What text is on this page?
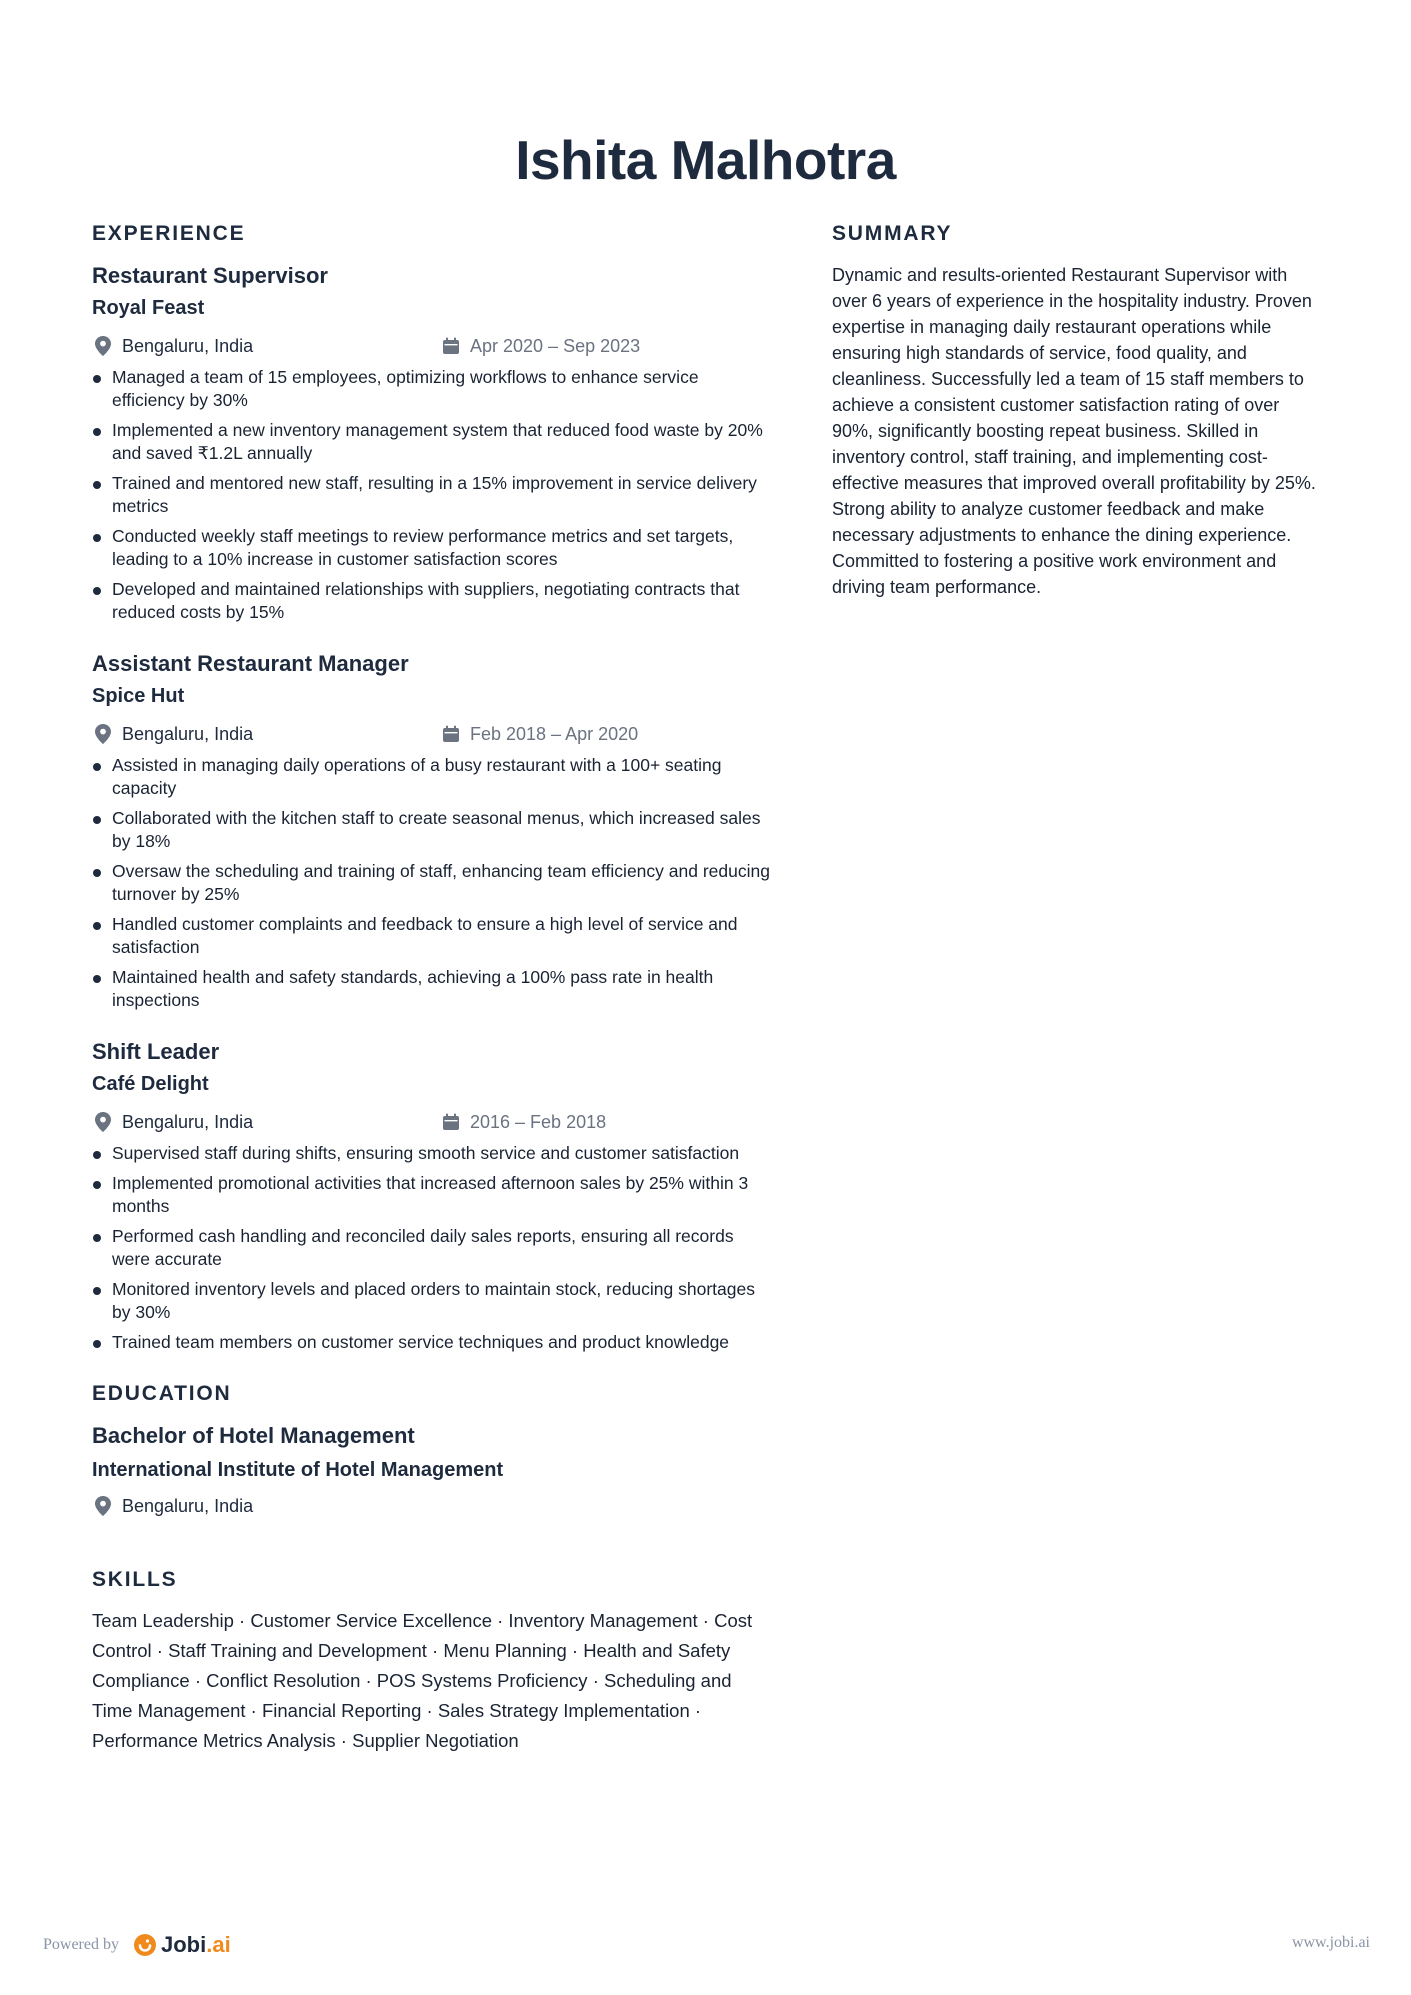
Ishita Malhotra
EXPERIENCE
Restaurant Supervisor
Royal Feast
Bengaluru, India	Apr 2020 – Sep 2023
Managed a team of 15 employees, optimizing workflows to enhance service efficiency by 30%
Implemented a new inventory management system that reduced food waste by 20% and saved ₹1.2L annually
Trained and mentored new staff, resulting in a 15% improvement in service delivery metrics
Conducted weekly staff meetings to review performance metrics and set targets, leading to a 10% increase in customer satisfaction scores
Developed and maintained relationships with suppliers, negotiating contracts that reduced costs by 15%
Assistant Restaurant Manager
Spice Hut
Bengaluru, India	Feb 2018 – Apr 2020
Assisted in managing daily operations of a busy restaurant with a 100+ seating capacity
Collaborated with the kitchen staff to create seasonal menus, which increased sales by 18%
Oversaw the scheduling and training of staff, enhancing team efficiency and reducing turnover by 25%
Handled customer complaints and feedback to ensure a high level of service and satisfaction
Maintained health and safety standards, achieving a 100% pass rate in health inspections
Shift Leader
Café Delight
Bengaluru, India	2016 – Feb 2018
Supervised staff during shifts, ensuring smooth service and customer satisfaction
Implemented promotional activities that increased afternoon sales by 25% within 3 months
Performed cash handling and reconciled daily sales reports, ensuring all records were accurate
Monitored inventory levels and placed orders to maintain stock, reducing shortages by 30%
Trained team members on customer service techniques and product knowledge
EDUCATION
Bachelor of Hotel Management
International Institute of Hotel Management
Bengaluru, India
SKILLS
Team Leadership · Customer Service Excellence · Inventory Management · Cost Control · Staff Training and Development · Menu Planning · Health and Safety Compliance · Conflict Resolution · POS Systems Proficiency · Scheduling and Time Management · Financial Reporting · Sales Strategy Implementation · Performance Metrics Analysis · Supplier Negotiation
SUMMARY
Dynamic and results-oriented Restaurant Supervisor with over 6 years of experience in the hospitality industry. Proven expertise in managing daily restaurant operations while ensuring high standards of service, food quality, and cleanliness. Successfully led a team of 15 staff members to achieve a consistent customer satisfaction rating of over 90%, significantly boosting repeat business. Skilled in inventory control, staff training, and implementing cost-effective measures that improved overall profitability by 25%. Strong ability to analyze customer feedback and make necessary adjustments to enhance the dining experience. Committed to fostering a positive work environment and driving team performance.
Powered by Jobi .ai	www.jobi.ai
